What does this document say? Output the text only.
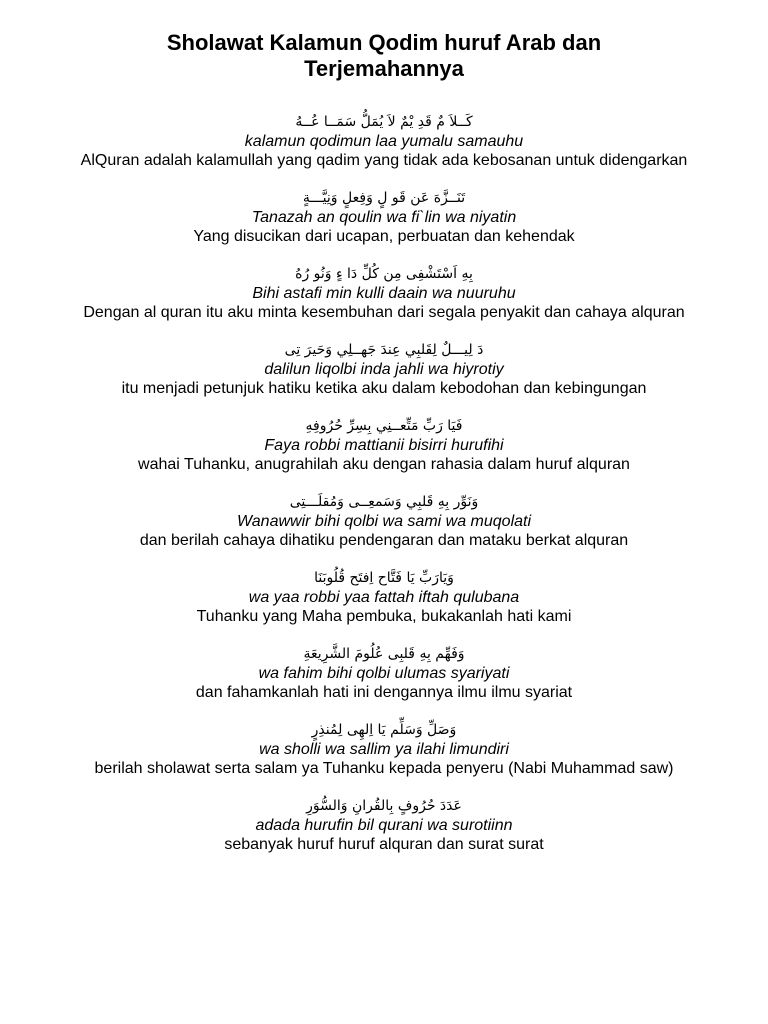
Sholawat Kalamun Qodim huruf Arab dan
Terjemahannya
كَــلاَ مٌ قَدِ يْمٌ لاَ يُمَلُّ سَمَــا عُــهُ
kalamun qodimun laa yumalu samauhu
AlQuran adalah kalamullah yang qadim yang tidak ada kebosanan untuk didengarkan
تَنَــزَّهَ عَن قَو لٍ وَفِعلٍ وَنِيَّـــةٍ
Tanazah an qoulin wa fi`lin wa niyatin
Yang disucikan dari ucapan, perbuatan dan kehendak
بِهِ اَسْتَشْفِى مِن كُلِّ دَا ءٍ وَنُو رُهُ
Bihi astafi min kulli daain wa nuuruhu
Dengan al quran itu aku minta kesembuhan dari segala penyakit dan cahaya alquran
دَ لِيـــلٌ لِقَلبِي عِندَ جَهــلِي وَحَيرَ تِى
dalilun liqolbi inda jahli wa hiyrotiy
itu menjadi petunjuk hatiku ketika aku dalam kebodohan dan kebingungan
فَيَا رَبِّ مَتِّعــنِي بِسِرِّ حُرُوفِهِ
Faya robbi mattianii bisirri hurufihi
wahai Tuhanku, anugrahilah aku dengan rahasia dalam huruf alquran
وَنَوِّر بِهِ قَلبِي وَسَمعِــى وَمُقلَـــتِى
Wanawwir bihi qolbi wa sami wa muqolati
dan berilah cahaya dihatiku pendengaran dan mataku berkat alquran
وَيَارَبِّ يَا فَتَّاح اِفتَح قُلُوبَنَا
wa yaa robbi yaa fattah iftah qulubana
Tuhanku yang Maha pembuka, bukakanlah hati kami
وَفَهِّم بِهِ قَلبِى عُلُومَ الشَّرِيعَةِ
wa fahim bihi qolbi ulumas syariyati
dan fahamkanlah hati ini dengannya ilmu ilmu syariat
وَصَلِّ وَسَلِّم يَا اِلهِى لِمُنذِرٍ
wa sholli wa sallim ya ilahi limundiri
berilah sholawat serta salam ya Tuhanku kepada penyeru (Nabi Muhammad saw)
عَدَدَ حُرُوفٍ بِالقُرانِ وَالسُّوَرِ
adada hurufin bil qurani wa surotiinn
sebanyak huruf huruf alquran dan surat surat
